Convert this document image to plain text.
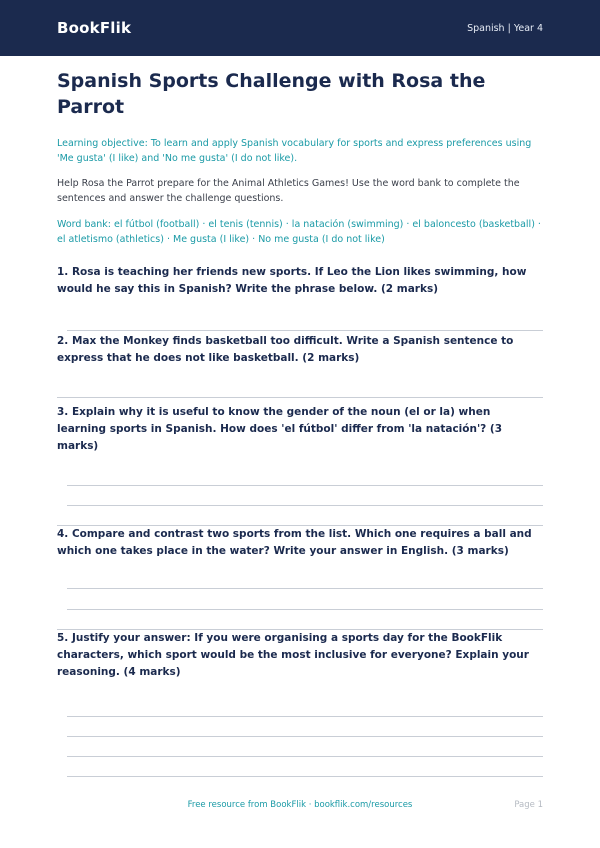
BookFlik	Spanish | Year 4
Spanish Sports Challenge with Rosa the Parrot
Learning objective: To learn and apply Spanish vocabulary for sports and express preferences using 'Me gusta' (I like) and 'No me gusta' (I do not like).
Help Rosa the Parrot prepare for the Animal Athletics Games! Use the word bank to complete the sentences and answer the challenge questions.
Word bank: el fútbol (football) · el tenis (tennis) · la natación (swimming) · el baloncesto (basketball) · el atletismo (athletics) · Me gusta (I like) · No me gusta (I do not like)
1. Rosa is teaching her friends new sports. If Leo the Lion likes swimming, how would he say this in Spanish? Write the phrase below. (2 marks)
2. Max the Monkey finds basketball too difficult. Write a Spanish sentence to express that he does not like basketball. (2 marks)
3. Explain why it is useful to know the gender of the noun (el or la) when learning sports in Spanish. How does 'el fútbol' differ from 'la natación'? (3 marks)
4. Compare and contrast two sports from the list. Which one requires a ball and which one takes place in the water? Write your answer in English. (3 marks)
5. Justify your answer: If you were organising a sports day for the BookFlik characters, which sport would be the most inclusive for everyone? Explain your reasoning. (4 marks)
Free resource from BookFlik · bookflik.com/resources	Page 1
